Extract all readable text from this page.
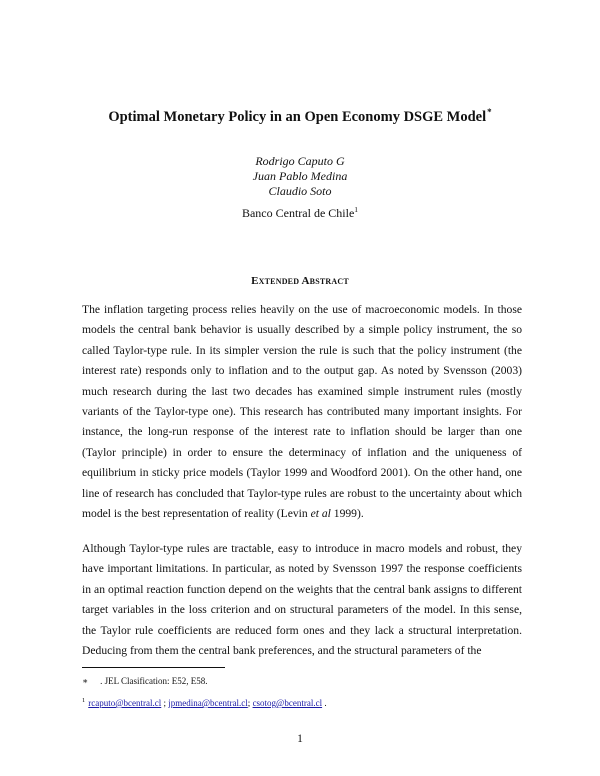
Optimal Monetary Policy in an Open Economy DSGE Model*
Rodrigo Caputo G
Juan Pablo Medina
Claudio Soto
Banco Central de Chile$^1$
Extended Abstract
The inflation targeting process relies heavily on the use of macroeconomic models. In those models the central bank behavior is usually described by a simple policy instrument, the so called Taylor-type rule. In its simpler version the rule is such that the policy instrument (the interest rate) responds only to inflation and to the output gap. As noted by Svensson (2003) much research during the last two decades has examined simple instrument rules (mostly variants of the Taylor-type one). This research has contributed many important insights. For instance, the long-run response of the interest rate to inflation should be larger than one (Taylor principle) in order to ensure the determinacy of inflation and the uniqueness of equilibrium in sticky price models (Taylor 1999 and Woodford 2001). On the other hand, one line of research has concluded that Taylor-type rules are robust to the uncertainty about which model is the best representation of reality (Levin et al 1999).
Although Taylor-type rules are tractable, easy to introduce in macro models and robust, they have important limitations. In particular, as noted by Svensson 1997 the response coefficients in an optimal reaction function depend on the weights that the central bank assigns to different target variables in the loss criterion and on structural parameters of the model. In this sense, the Taylor rule coefficients are reduced form ones and they lack a structural interpretation. Deducing from them the central bank preferences, and the structural parameters of the
∗ . JEL Clasification: E52, E58.
$^1$ rcaputo@bcentral.cl ; jpmedina@bcentral.cl; csotog@bcentral.cl .
1
